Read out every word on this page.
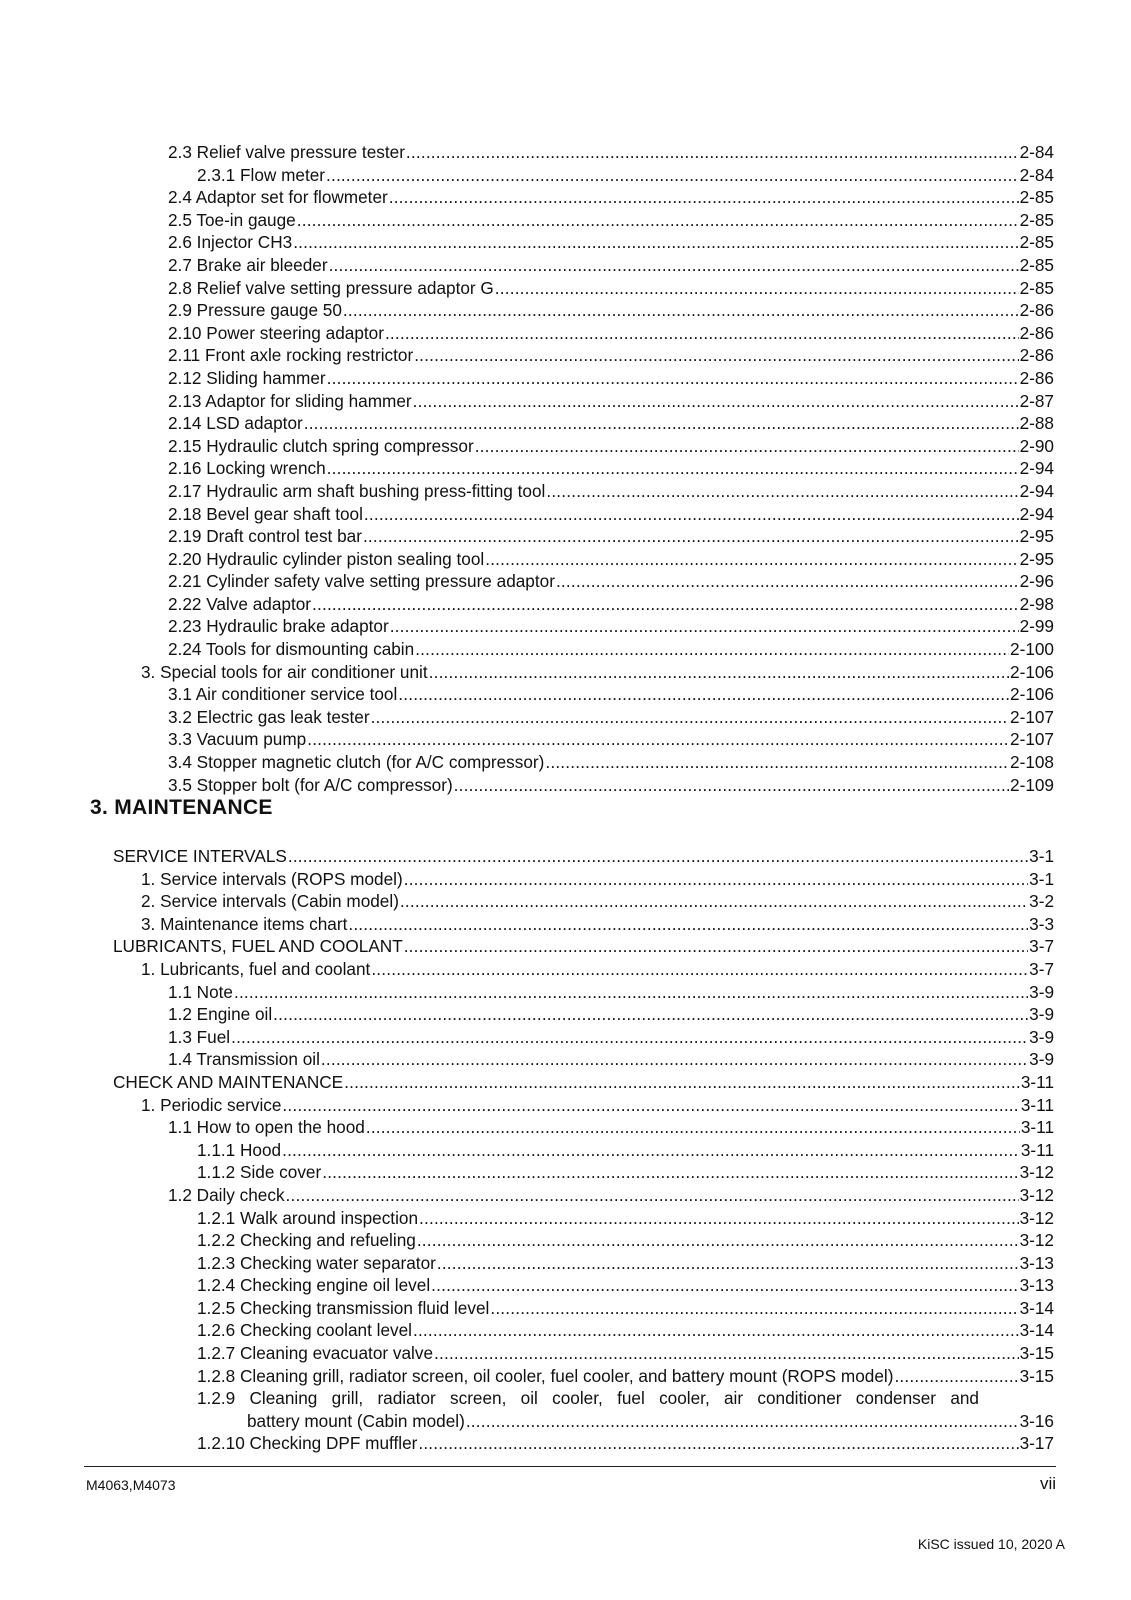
2.3 Relief valve pressure tester .....	2-84
2.3.1 Flow meter .....	2-84
2.4 Adaptor set for flowmeter .....	2-85
2.5 Toe-in gauge .....	2-85
2.6 Injector CH3 .....	2-85
2.7 Brake air bleeder .....	2-85
2.8 Relief valve setting pressure adaptor G .....	2-85
2.9 Pressure gauge 50 .....	2-86
2.10 Power steering adaptor .....	2-86
2.11 Front axle rocking restrictor .....	2-86
2.12 Sliding hammer .....	2-86
2.13 Adaptor for sliding hammer .....	2-87
2.14 LSD adaptor .....	2-88
2.15 Hydraulic clutch spring compressor .....	2-90
2.16 Locking wrench .....	2-94
2.17 Hydraulic arm shaft bushing press-fitting tool .....	2-94
2.18 Bevel gear shaft tool .....	2-94
2.19 Draft control test bar .....	2-95
2.20 Hydraulic cylinder piston sealing tool .....	2-95
2.21 Cylinder safety valve setting pressure adaptor .....	2-96
2.22 Valve adaptor .....	2-98
2.23 Hydraulic brake adaptor .....	2-99
2.24 Tools for dismounting cabin .....	2-100
3. Special tools for air conditioner unit .....	2-106
3.1 Air conditioner service tool .....	2-106
3.2 Electric gas leak tester .....	2-107
3.3 Vacuum pump .....	2-107
3.4 Stopper magnetic clutch (for A/C compressor) .....	2-108
3.5 Stopper bolt (for A/C compressor) .....	2-109
3. MAINTENANCE
SERVICE INTERVALS .....	3-1
1. Service intervals (ROPS model) .....	3-1
2. Service intervals (Cabin model) .....	3-2
3. Maintenance items chart .....	3-3
LUBRICANTS, FUEL AND COOLANT .....	3-7
1. Lubricants, fuel and coolant .....	3-7
1.1 Note .....	3-9
1.2 Engine oil .....	3-9
1.3 Fuel .....	3-9
1.4 Transmission oil .....	3-9
CHECK AND MAINTENANCE .....	3-11
1. Periodic service .....	3-11
1.1 How to open the hood .....	3-11
1.1.1 Hood .....	3-11
1.1.2 Side cover .....	3-12
1.2 Daily check .....	3-12
1.2.1 Walk around inspection .....	3-12
1.2.2 Checking and refueling .....	3-12
1.2.3 Checking water separator .....	3-13
1.2.4 Checking engine oil level .....	3-13
1.2.5 Checking transmission fluid level .....	3-14
1.2.6 Checking coolant level .....	3-14
1.2.7 Cleaning evacuator valve .....	3-15
1.2.8 Cleaning grill, radiator screen, oil cooler, fuel cooler, and battery mount (ROPS model) .....	3-15
1.2.9 Cleaning grill, radiator screen, oil cooler, fuel cooler, air conditioner condenser and
battery mount (Cabin model) .....	3-16
1.2.10 Checking DPF muffler .....	3-17
M4063,M4073	vii
KiSC issued 10, 2020 A
